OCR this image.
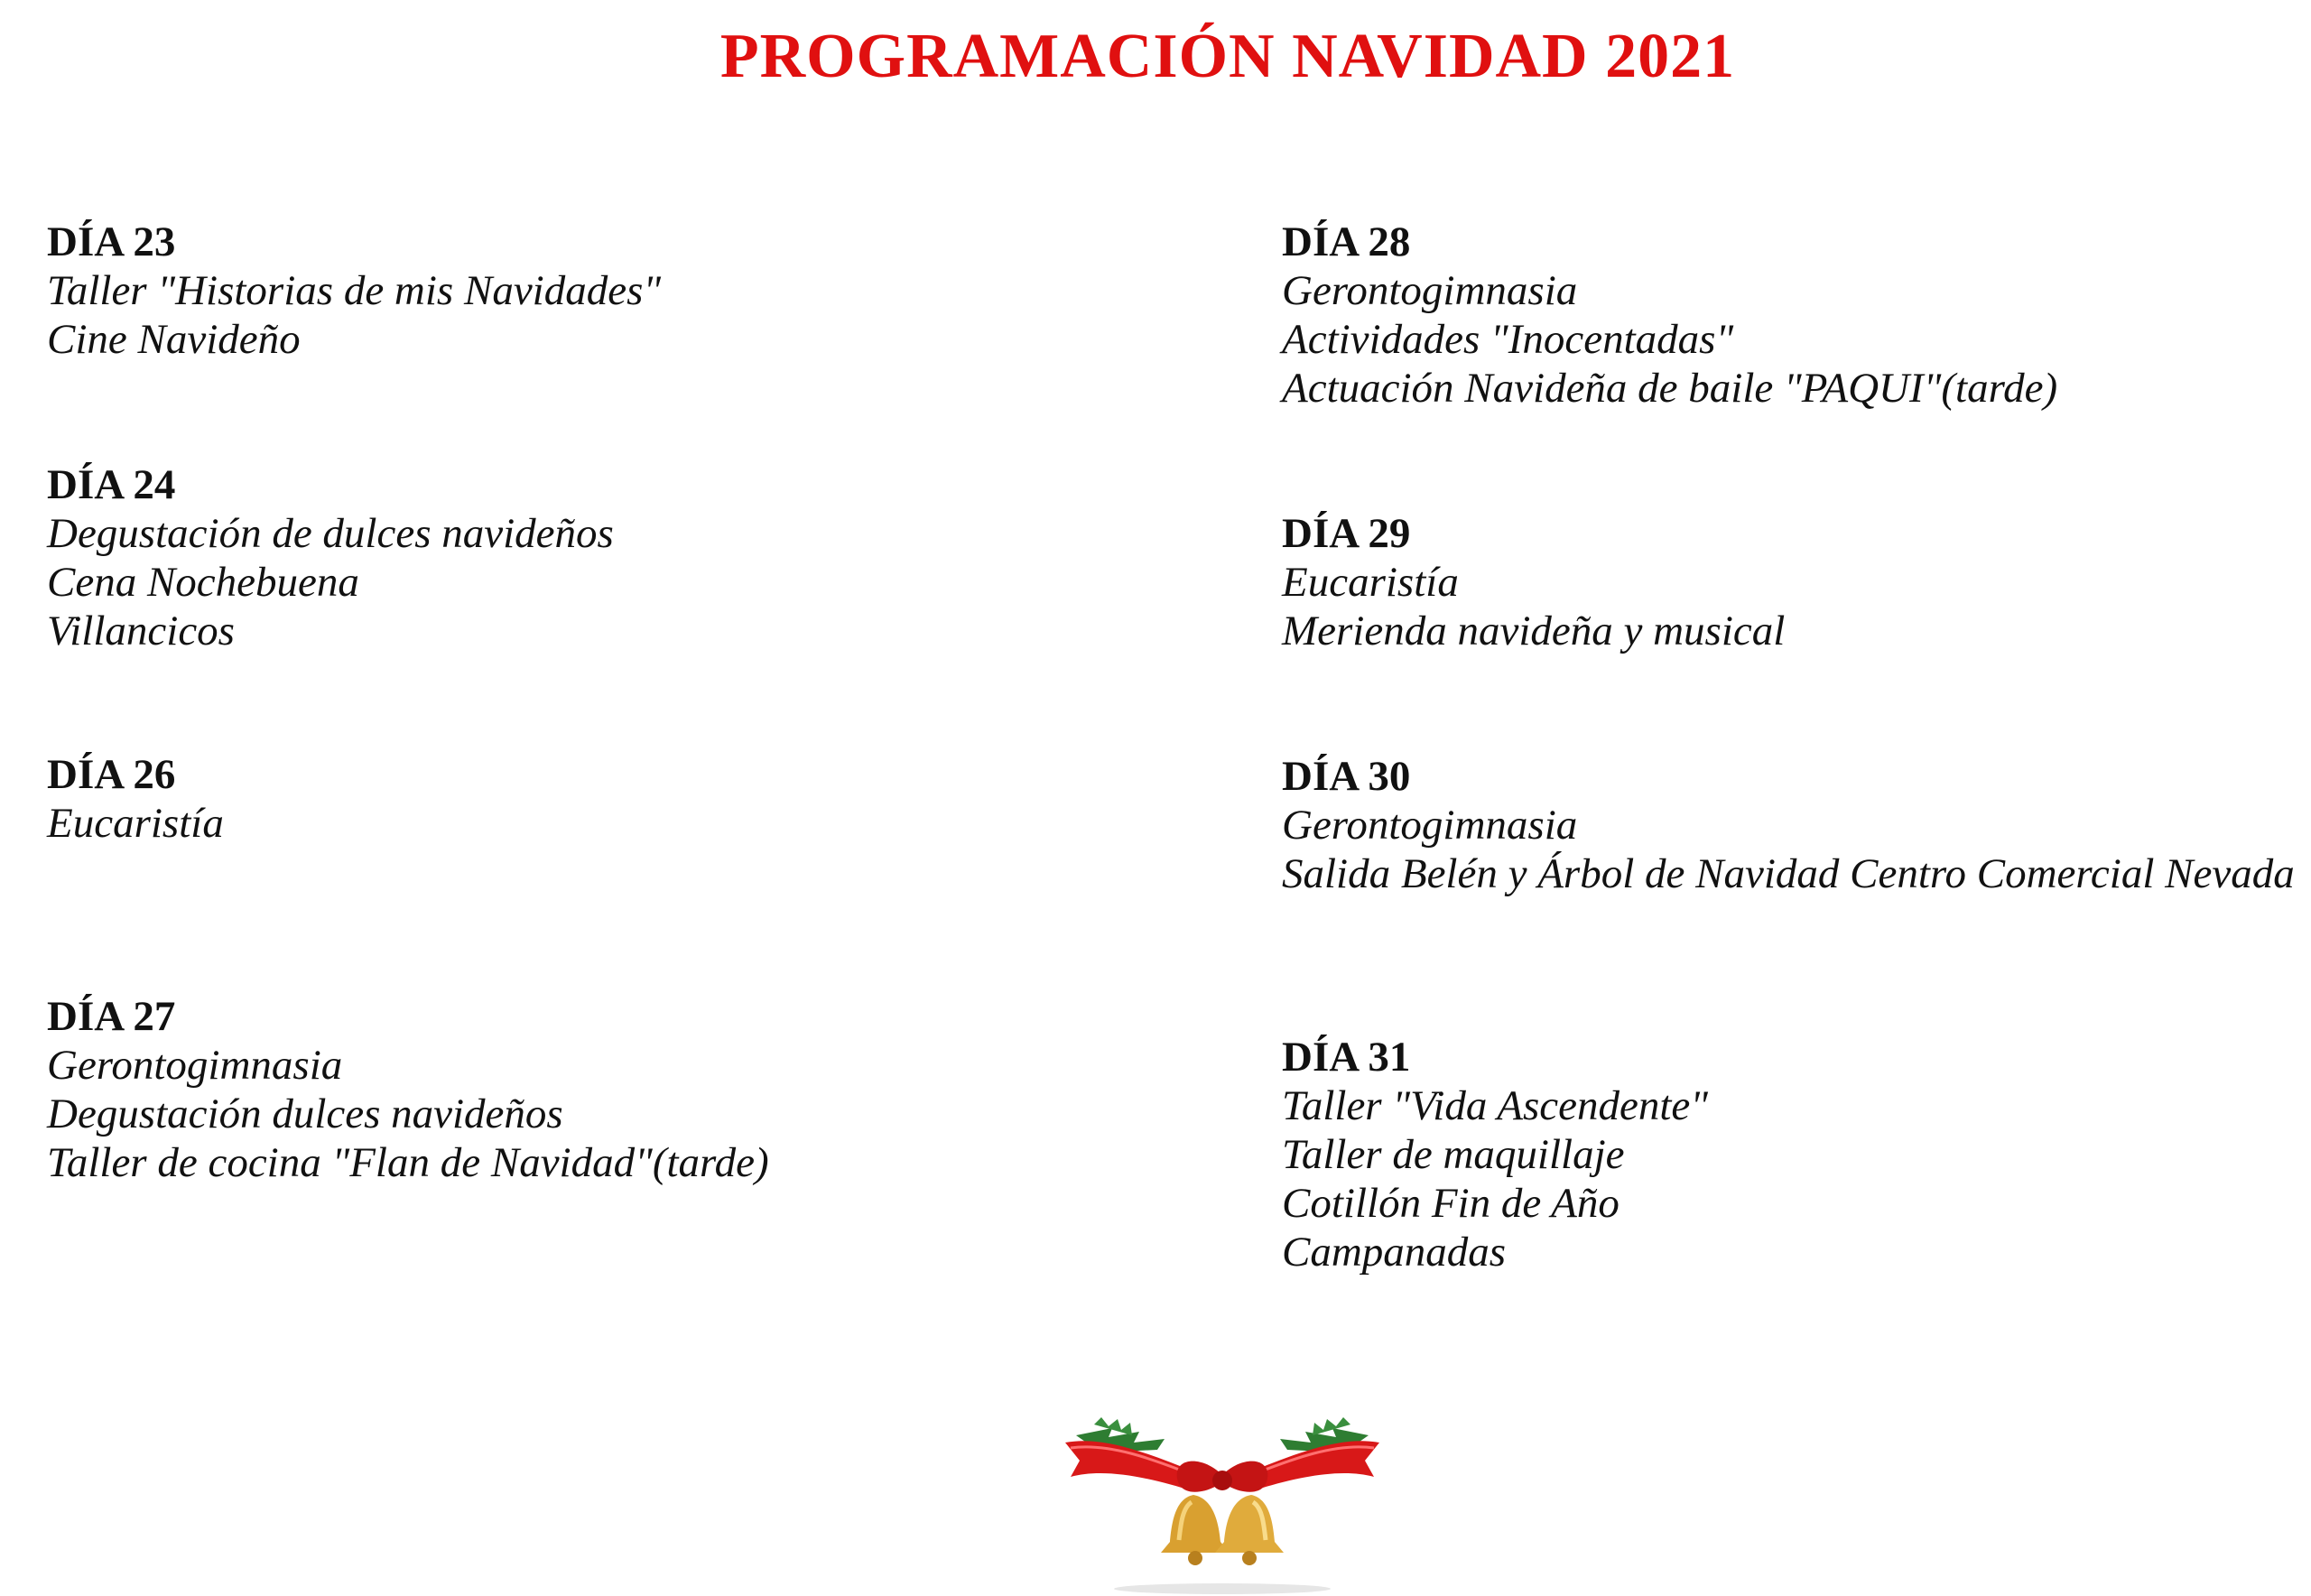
PROGRAMACIÓN NAVIDAD 2021

DÍA 23

Taller "Historias de mis Navidades"

Cine Navideño

DÍA 24

Degustación de dulces navideños

Cena Nochebuena

Villancicos

DÍA 26

Eucaristía

DÍA 27

Gerontogimnasia

Degustación dulces navideños

Taller de cocina "Flan de Navidad"(tarde)

DÍA 28

Gerontogimnasia

Actividades "Inocentadas"

Actuación Navideña de baile "PAQUI"(tarde)

DÍA 29

Eucaristía

Merienda navideña y musical

DÍA 30

Gerontogimnasia

Salida Belén y Árbol de Navidad Centro Comercial Nevada

DÍA 31

Taller "Vida Ascendente"

Taller de maquillaje

Cotillón Fin de Año

Campanadas
